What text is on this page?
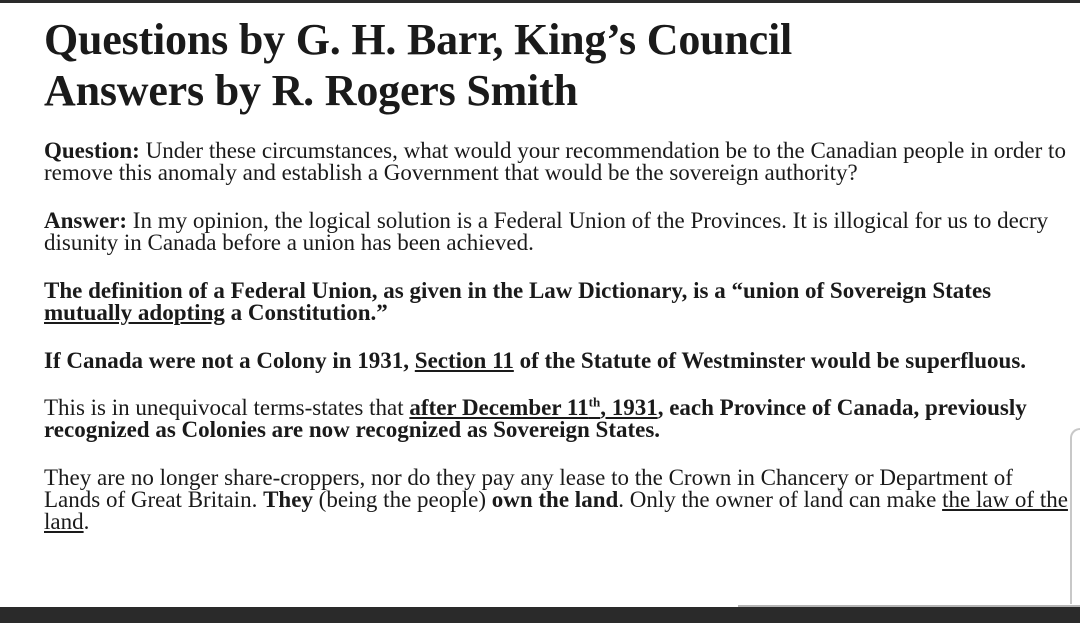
Questions by G. H. Barr, King’s Council
Answers by R. Rogers Smith

Question: Under these circumstances, what would your recommendation be to the Canadian people in order to remove this anomaly and establish a Government that would be the sovereign authority?

Answer: In my opinion, the logical solution is a Federal Union of the Provinces. It is illogical for us to decry disunity in Canada before a union has been achieved.

The definition of a Federal Union, as given in the Law Dictionary, is a “union of Sovereign States mutually adopting a Constitution.”

If Canada were not a Colony in 1931, Section 11 of the Statute of Westminster would be superfluous.

This is in unequivocal terms-states that after December 11th, 1931, each Province of Canada, previously recognized as Colonies are now recognized as Sovereign States.

They are no longer share-croppers, nor do they pay any lease to the Crown in Chancery or Department of Lands of Great Britain. They (being the people) own the land. Only the owner of land can make the law of the land.
